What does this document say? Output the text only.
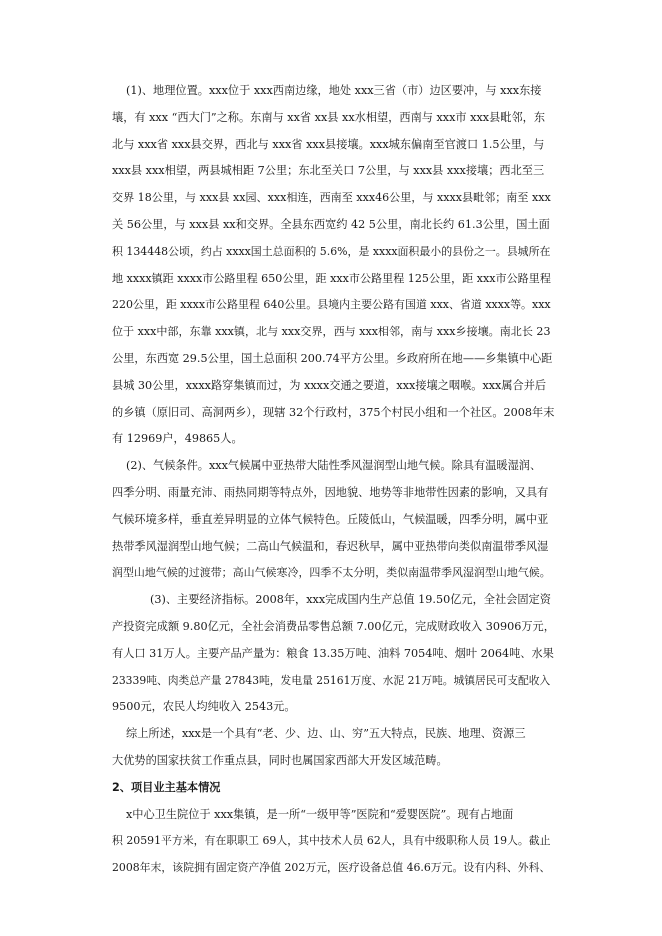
(1)、地理位置。xxx位于 xxx西南边缘，地处 xxx三省（市）边区要冲，与 xxx东接
壤，有 xxx “西大门”之称。东南与 xx省 xx县 xx水相望，西南与 xxx市 xxx县毗邻，东
北与 xxx省 xxx县交界，西北与 xxx省 xxx县接壤。xxx城东偏南至官渡口 1.5公里，与
xxx县 xxx相望，两县城相距 7公里；东北至关口 7公里，与 xxx县 xxx接壤；西北至三
交界 18公里，与 xxx县 xx园、xxx相连，西南至 xxx46公里，与 xxxx县毗邻；南至 xxx
关 56公里，与 xxx县 xx和交界。全县东西宽约 42 5公里，南北长约 61.3公里，国土面
积 134448公顷，约占 xxxx国土总面积的 5.6%，是 xxxx面积最小的县份之一。县城所在
地 xxxx镇距 xxxx市公路里程 650公里，距 xxx市公路里程 125公里，距 xxx市公路里程
220公里，距 xxxx市公路里程 640公里。县境内主要公路有国道 xxx、省道 xxxx等。xxx
位于 xxx中部，东靠 xxx镇，北与 xxx交界，西与 xxx相邻，南与 xxx乡接壤。南北长 23
公里，东西宽 29.5公里，国土总面积 200.74平方公里。乡政府所在地——乡集镇中心距
县城 30公里，xxxx路穿集镇而过，为 xxxx交通之要道，xxx接壤之咽喉。xxx属合并后
的乡镇（原旧司、高洞两乡），现辖 32个行政村，375个村民小组和一个社区。2008年末
有 12969户，49865人。
(2)、气候条件。xxx气候属中亚热带大陆性季风湿润型山地气候。除具有温暖湿润、
四季分明、雨量充沛、雨热同期等特点外，因地貌、地势等非地带性因素的影响，又具有
气候环境多样，垂直差异明显的立体气候特色。丘陵低山，气候温暖，四季分明，属中亚
热带季风湿润型山地气候；二高山气候温和，春迟秋早，属中亚热带向类似南温带季风湿
润型山地气候的过渡带；高山气候寒冷，四季不太分明，类似南温带季风湿润型山地气候。
(3)、主要经济指标。2008年，xxx完成国内生产总值 19.50亿元，全社会固定资
产投资完成额 9.80亿元，全社会消费品零售总额 7.00亿元，完成财政收入 30906万元，
有人口 31万人。主要产品产量为：粮食 13.35万吨、油料 7054吨、烟叶 2064吨、水果
23339吨、肉类总产量 27843吨，发电量 25161万度、水泥 21万吨。城镇居民可支配收入
9500元，农民人均纯收入 2543元。
综上所述，xxx是一个具有“老、少、边、山、穷”五大特点，民族、地理、资源三
大优势的国家扶贫工作重点县，同时也属国家西部大开发区域范畴。
2、项目业主基本情况
x中心卫生院位于 xxx集镇，是一所“一级甲等”医院和“爱婴医院”。现有占地面
积 20591平方米，有在职职工 69人，其中技术人员 62人，具有中级职称人员 19人。截止
2008年末，该院拥有固定资产净值 202万元，医疗设备总值 46.6万元。设有内科、外科、
